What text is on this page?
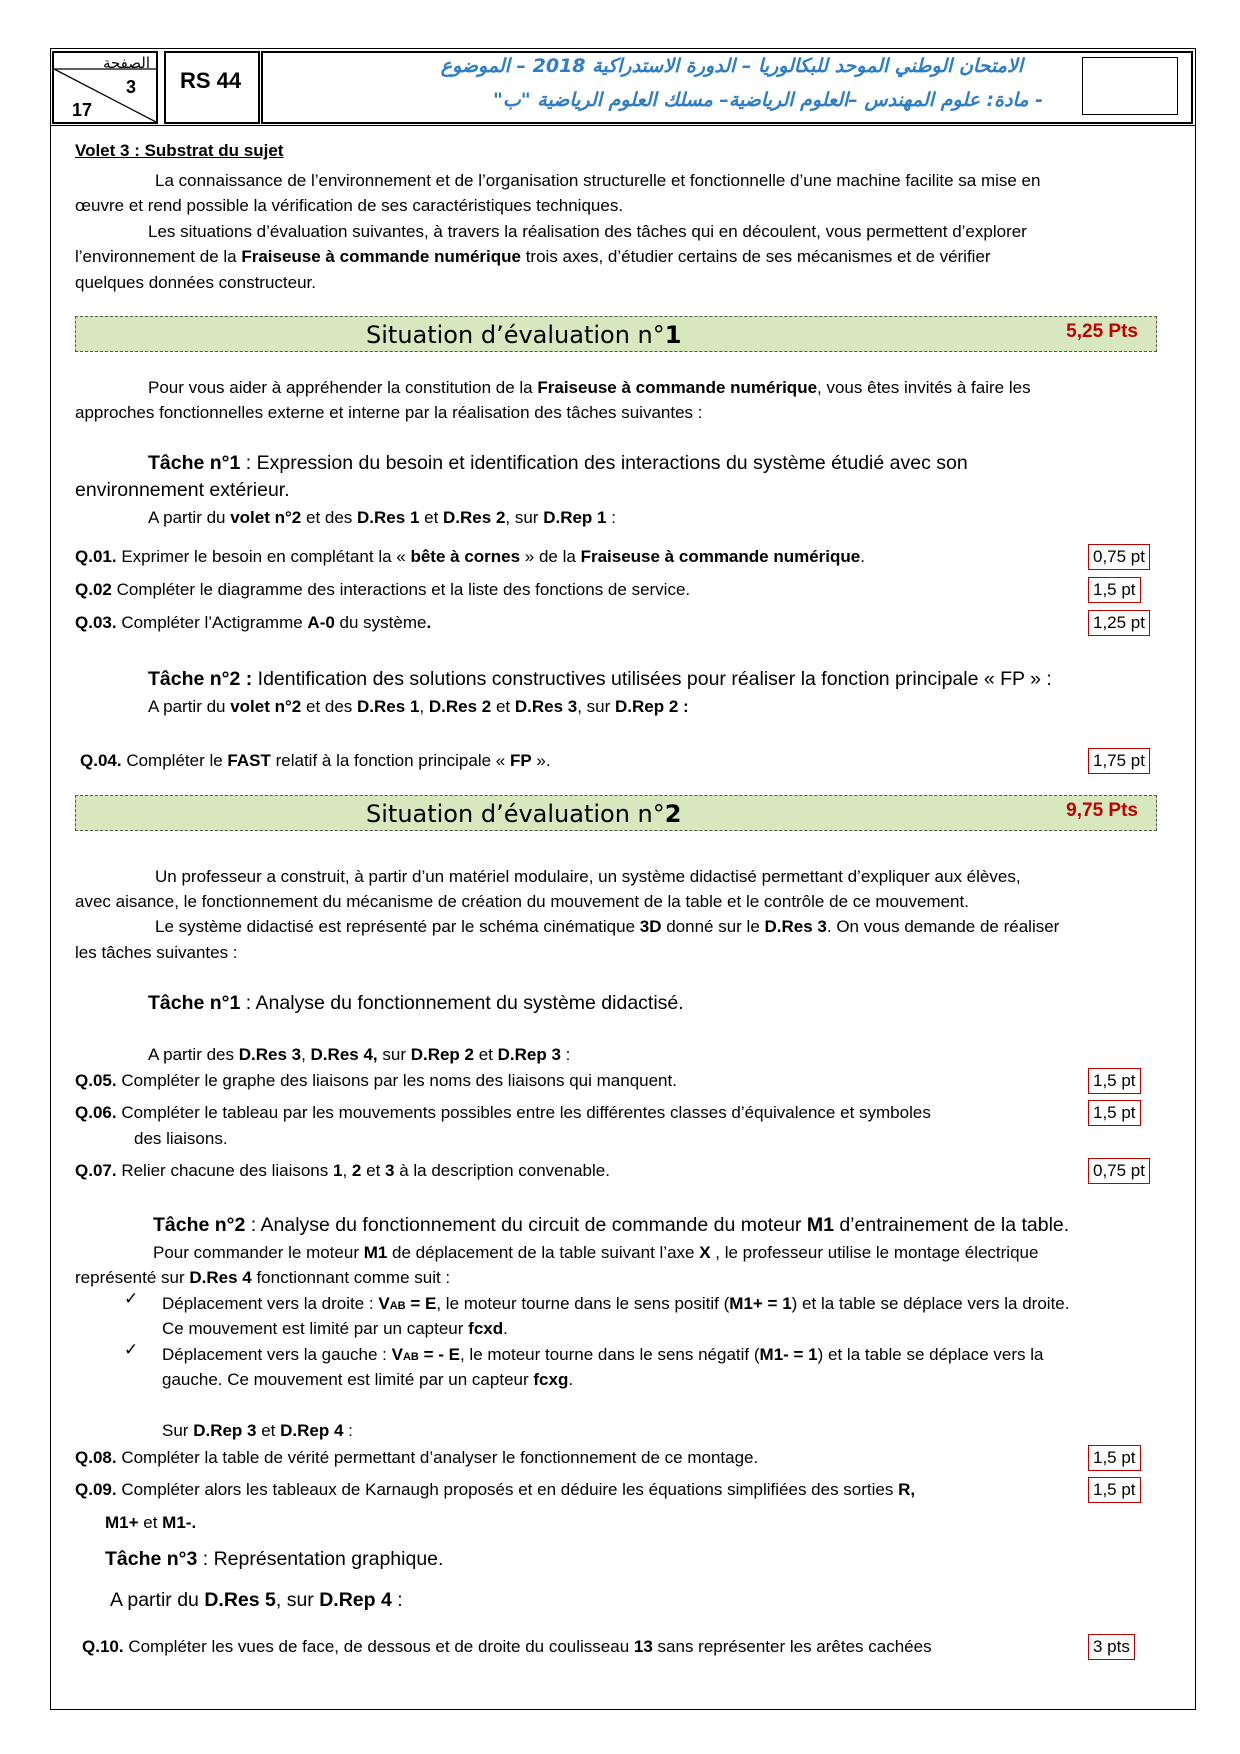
الصفحة
3
17
RS 44
الامتحان الوطني الموحد للبكالوريا – الدورة الاستدراكية 2018 – الموضوع
- مادة: علوم المهندس –العلوم الرياضية– مسلك العلوم الرياضية "ب"
Volet 3 : Substrat du sujet
La connaissance de l’environnement et de l’organisation structurelle et fonctionnelle d’une machine facilite sa mise en
œuvre et rend possible la vérification de ses caractéristiques techniques.
Les situations d’évaluation suivantes, à travers la réalisation des tâches qui en découlent, vous permettent d’explorer
l’environnement de la Fraiseuse à commande numérique trois axes, d’étudier certains de ses mécanismes et de vérifier
quelques données constructeur.
Situation d’évaluation n°1	5,25 Pts
Pour vous aider à appréhender la constitution de la Fraiseuse à commande numérique, vous êtes invités à faire les
approches fonctionnelles externe et interne par la réalisation des tâches suivantes :
Tâche n°1 : Expression du besoin et identification des interactions du système étudié avec son
environnement extérieur.
A partir du volet n°2 et des D.Res 1 et D.Res 2, sur D.Rep 1 :
Q.01. Exprimer le besoin en complétant la « bête à cornes » de la Fraiseuse à commande numérique.	0,75 pt
Q.02 Compléter le diagramme des interactions et la liste des fonctions de service.	1,5 pt
Q.03. Compléter l’Actigramme A-0 du système.	1,25 pt
Tâche n°2 : Identification des solutions constructives utilisées pour réaliser la fonction principale « FP » :
A partir du volet n°2 et des D.Res 1, D.Res 2 et D.Res 3, sur D.Rep 2 :
Q.04. Compléter le FAST relatif à la fonction principale « FP ».	1,75 pt
Situation d’évaluation n°2	9,75 Pts
Un professeur a construit, à partir d’un matériel modulaire, un système didactisé permettant d’expliquer aux élèves,
avec aisance, le fonctionnement du mécanisme de création du mouvement de la table et le contrôle de ce mouvement.
Le système didactisé est représenté par le schéma cinématique 3D donné sur le D.Res 3. On vous demande de réaliser
les tâches suivantes :
Tâche n°1 : Analyse du fonctionnement du système didactisé.
A partir des D.Res 3, D.Res 4, sur D.Rep 2 et D.Rep 3 :
Q.05. Compléter le graphe des liaisons par les noms des liaisons qui manquent.	1,5 pt
Q.06. Compléter le tableau par les mouvements possibles entre les différentes classes d’équivalence et symboles
des liaisons.
1,5 pt
Q.07. Relier chacune des liaisons 1, 2 et 3 à la description convenable.	0,75 pt
Tâche n°2 : Analyse du fonctionnement du circuit de commande du moteur M1 d’entrainement de la table.
Pour commander le moteur M1 de déplacement de la table suivant l’axe X , le professeur utilise le montage électrique
représenté sur D.Res 4 fonctionnant comme suit :
✓ Déplacement vers la droite : VAB = E, le moteur tourne dans le sens positif (M1+ = 1) et la table se déplace vers la droite.
Ce mouvement est limité par un capteur fcxd.
✓ Déplacement vers la gauche : VAB = - E, le moteur tourne dans le sens négatif (M1- = 1) et la table se déplace vers la
gauche. Ce mouvement est limité par un capteur fcxg.
Sur D.Rep 3 et D.Rep 4 :
Q.08. Compléter la table de vérité permettant d’analyser le fonctionnement de ce montage.	1,5 pt
Q.09. Compléter alors les tableaux de Karnaugh proposés et en déduire les équations simplifiées des sorties R,
M1+ et M1-.
1,5 pt
Tâche n°3 : Représentation graphique.
A partir du D.Res 5, sur D.Rep 4 :
Q.10. Compléter les vues de face, de dessous et de droite du coulisseau 13 sans représenter les arêtes cachées	3 pts
